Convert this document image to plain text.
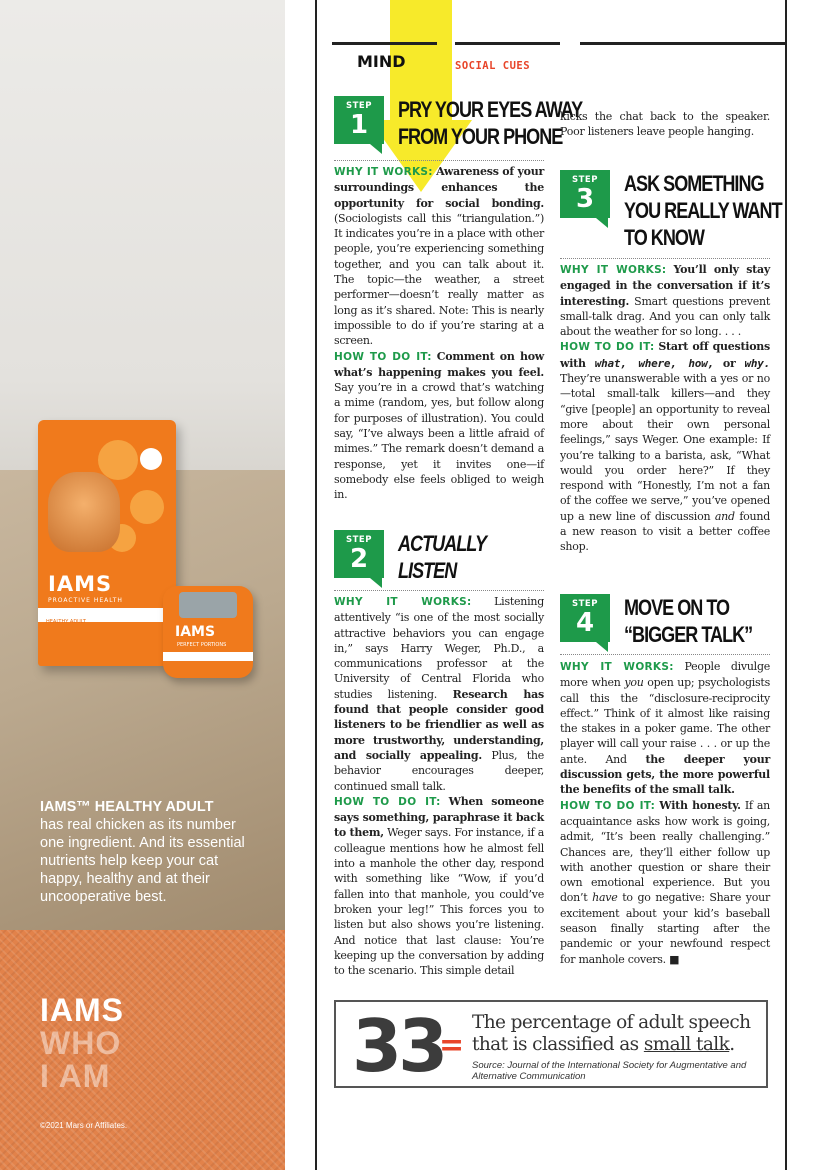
IAMS
PROACTIVE HEALTH
HEALTHY ADULT
IAMS
PERFECT PORTIONS
IAMS™ HEALTHY ADULT
has real chicken as its number one ingredient. And its essential nutrients help keep your cat happy, healthy and at their uncooperative best.
IAMS
WHO
I AM
©2021 Mars or Affiliates.
MIND	SOCIAL CUES
STEP
1
PRY YOUR EYES AWAY
FROM YOUR PHONE

WHY IT WORKS: Awareness of your surroundings enhances the opportunity for social bonding. (Sociologists call this “triangulation.”) It indicates you’re in a place with other people, you’re experiencing something together, and you can talk about it. The topic—the weather, a street performer—doesn’t really matter as long as it’s shared. Note: This is nearly impossible to do if you’re staring at a screen.

HOW TO DO IT: Comment on how what’s happening makes you feel. Say you’re in a crowd that’s watching a mime (random, yes, but follow along for purposes of illustration). You could say, “I’ve always been a little afraid of mimes.” The remark doesn’t demand a response, yet it invites one—if somebody else feels obliged to weigh in.

STEP
2
ACTUALLY
LISTEN

WHY IT WORKS: Listening attentively “is one of the most socially attractive behaviors you can engage in,” says Harry Weger, Ph.D., a communications professor at the University of Central Florida who studies listening. Research has found that people consider good listeners to be friendlier as well as more trustworthy, understanding, and socially appealing. Plus, the behavior encourages deeper, continued small talk.

HOW TO DO IT: When someone says something, paraphrase it back to them, Weger says. For instance, if a colleague mentions how he almost fell into a manhole the other day, respond with something like “Wow, if you’d fallen into that manhole, you could’ve broken your leg!” This forces you to listen but also shows you’re listening. And notice that last clause: You’re keeping up the conversation by adding to the scenario. This simple detail

kicks the chat back to the speaker. Poor listeners leave people hanging.

STEP
3
ASK SOMETHING
YOU REALLY WANT
TO KNOW

WHY IT WORKS: You’ll only stay engaged in the conversation if it’s interesting. Smart questions prevent small-talk drag. And you can only talk about the weather for so long. . . .

HOW TO DO IT: Start off questions with what, where, how, or why. They’re unanswerable with a yes or no—total small-talk killers—and they “give [people] an opportunity to reveal more about their own personal feelings,” says Weger. One example: If you’re talking to a barista, ask, “What would you order here?” If they respond with “Honestly, I’m not a fan of the coffee we serve,” you’ve opened up a new line of discussion and found a new reason to visit a better coffee shop.

STEP
4
MOVE ON TO
“BIGGER TALK”

WHY IT WORKS: People divulge more when you open up; psychologists call this the “disclosure-reciprocity effect.” Think of it almost like raising the stakes in a poker game. The other player will call your raise . . . or up the ante. And the deeper your discussion gets, the more powerful the benefits of the small talk.

HOW TO DO IT: With honesty. If an acquaintance asks how work is going, admit, “It’s been really challenging.” Chances are, they’ll either follow up with another question or share their own emotional experience. But you don’t have to go negative: Share your excitement about your kid’s baseball season finally starting after the pandemic or your newfound respect for manhole covers. ■

33
=
The percentage of adult speech
that is classified as small talk.
Source: Journal of the International Society for Augmentative and Alternative Communication
